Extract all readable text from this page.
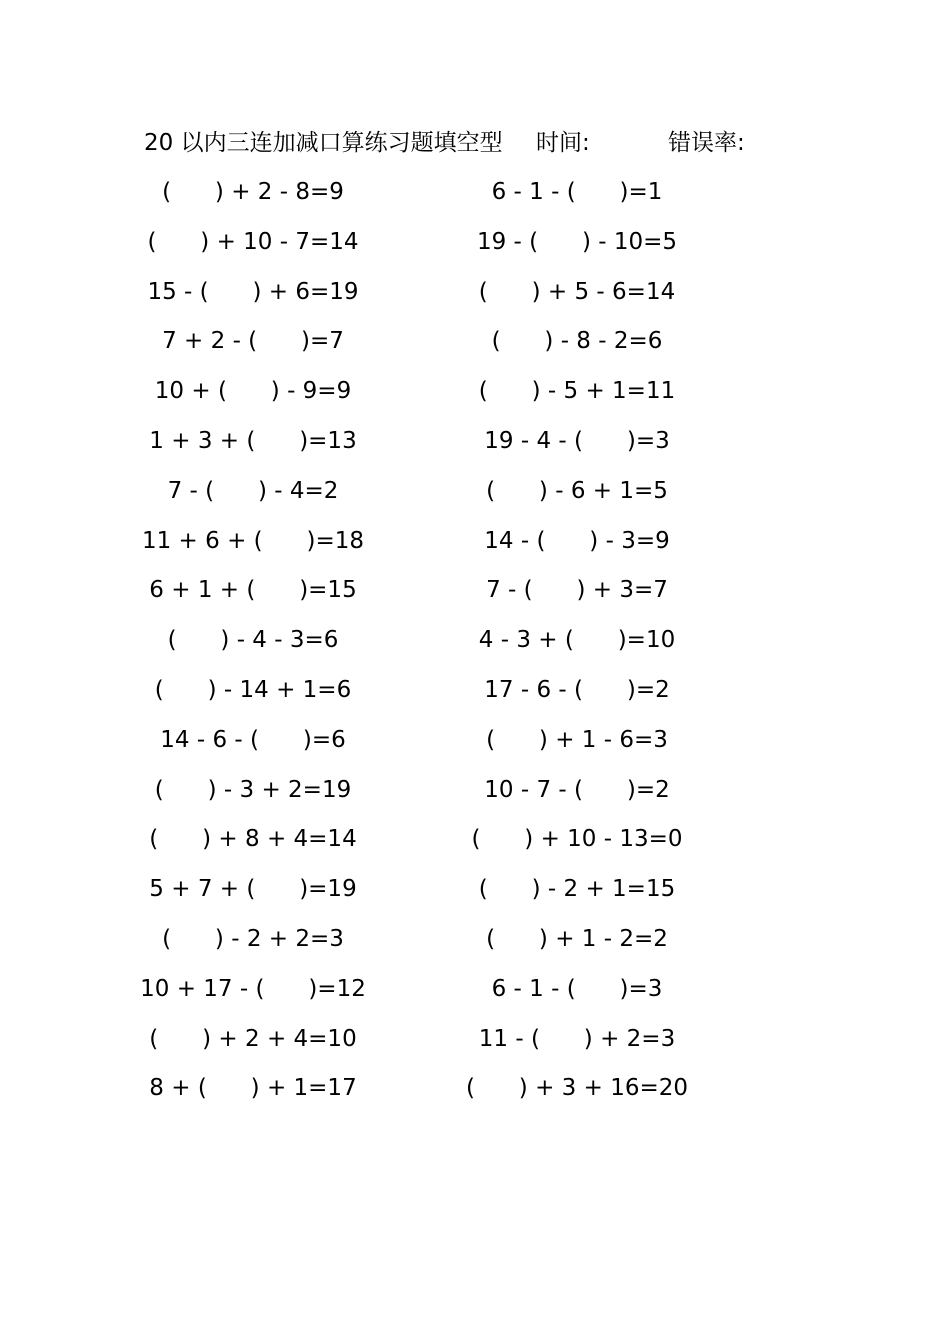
20 以内三连加减口算练习题填空型 时间:	错误率:
(      ) + 2 - 8=9
(      ) + 10 - 7=14
15 - (      ) + 6=19
7 + 2 - (      )=7
10 + (      ) - 9=9
1 + 3 + (      )=13
7 - (      ) - 4=2
11 + 6 + (      )=18
6 + 1 + (      )=15
(      ) - 4 - 3=6
(      ) - 14 + 1=6
14 - 6 - (      )=6
(      ) - 3 + 2=19
(      ) + 8 + 4=14
5 + 7 + (      )=19
(      ) - 2 + 2=3
10 + 17 - (      )=12
(      ) + 2 + 4=10
8 + (      ) + 1=17
6 - 1 - (      )=1
19 - (      ) - 10=5
(      ) + 5 - 6=14
(      ) - 8 - 2=6
(      ) - 5 + 1=11
19 - 4 - (      )=3
(      ) - 6 + 1=5
14 - (      ) - 3=9
7 - (      ) + 3=7
4 - 3 + (      )=10
17 - 6 - (      )=2
(      ) + 1 - 6=3
10 - 7 - (      )=2
(      ) + 10 - 13=0
(      ) - 2 + 1=15
(      ) + 1 - 2=2
6 - 1 - (      )=3
11 - (      ) + 2=3
(      ) + 3 + 16=20
